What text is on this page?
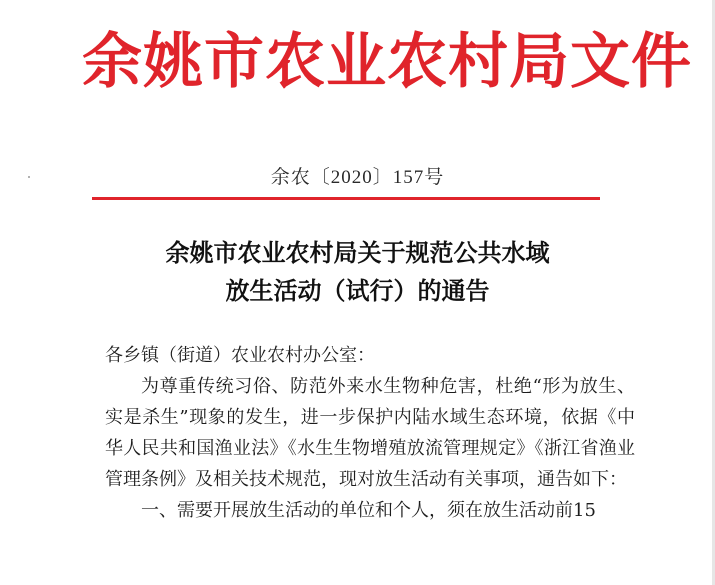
余姚市农业农村局文件
余农〔2020〕157号
余姚市农业农村局关于规范公共水域
放生活动（试行）的通告

各乡镇（街道）农业农村办公室：

为尊重传统习俗、防范外来水生物种危害，杜绝“形为放生、实是杀生”现象的发生，进一步保护内陆水域生态环境，依据《中华人民共和国渔业法》《水生生物增殖放流管理规定》《浙江省渔业管理条例》及相关技术规范，现对放生活动有关事项，通告如下：

一、需要开展放生活动的单位和个人，须在放生活动前15
